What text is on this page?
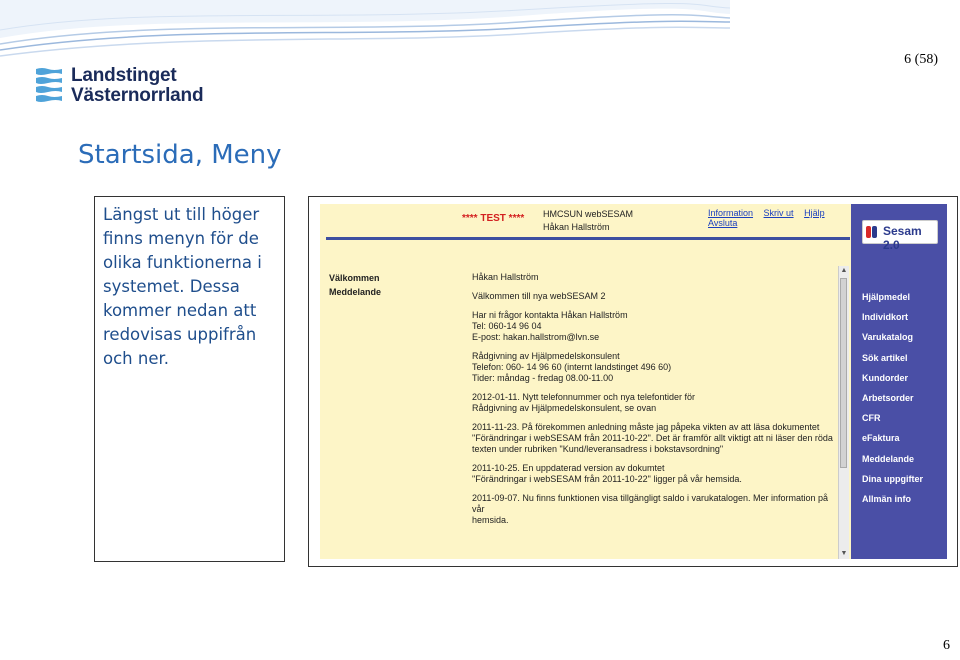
6 (58)
Landstinget
Västernorrland
Startsida, Meny

Längst ut till höger finns menyn för de olika funktionerna i systemet. Dessa kommer nedan att redovisas uppifrån och ner.

**** TEST **** HMCSUN webSESAM
Håkan Hallström
Information Skriv ut Hjälp Avsluta
Välkommen
Meddelande
Håkan Hallström
Välkommen till nya webSESAM 2
Har ni frågor kontakta Håkan Hallström
Tel: 060-14 96 04
E-post: hakan.hallstrom@lvn.se
Rådgivning av Hjälpmedelskonsulent
Telefon: 060- 14 96 60 (internt landstinget 496 60)
Tider: måndag - fredag 08.00-11.00
2012-01-11. Nytt telefonnummer och nya telefontider för
Rådgivning av Hjälpmedelskonsulent, se ovan
2011-11-23. På förekommen anledning måste jag påpeka vikten av att läsa dokumentet
"Förändringar i webSESAM från 2011-10-22". Det är framför allt viktigt att ni läser den röda
texten under rubriken "Kund/leveransadress i bokstavsordning"
2011-10-25. En uppdaterad version av dokumtet
"Förändringar i webSESAM från 2011-10-22" ligger på vår hemsida.
2011-09-07. Nu finns funktionen visa tillgängligt saldo i varukatalogen. Mer information på vår
hemsida.
▲
▼
Sesam 2.0
Hjälpmedel
Individkort
Varukatalog
Sök artikel
Kundorder
Arbetsorder
CFR
eFaktura
Meddelande
Dina uppgifter
Allmän info
6
